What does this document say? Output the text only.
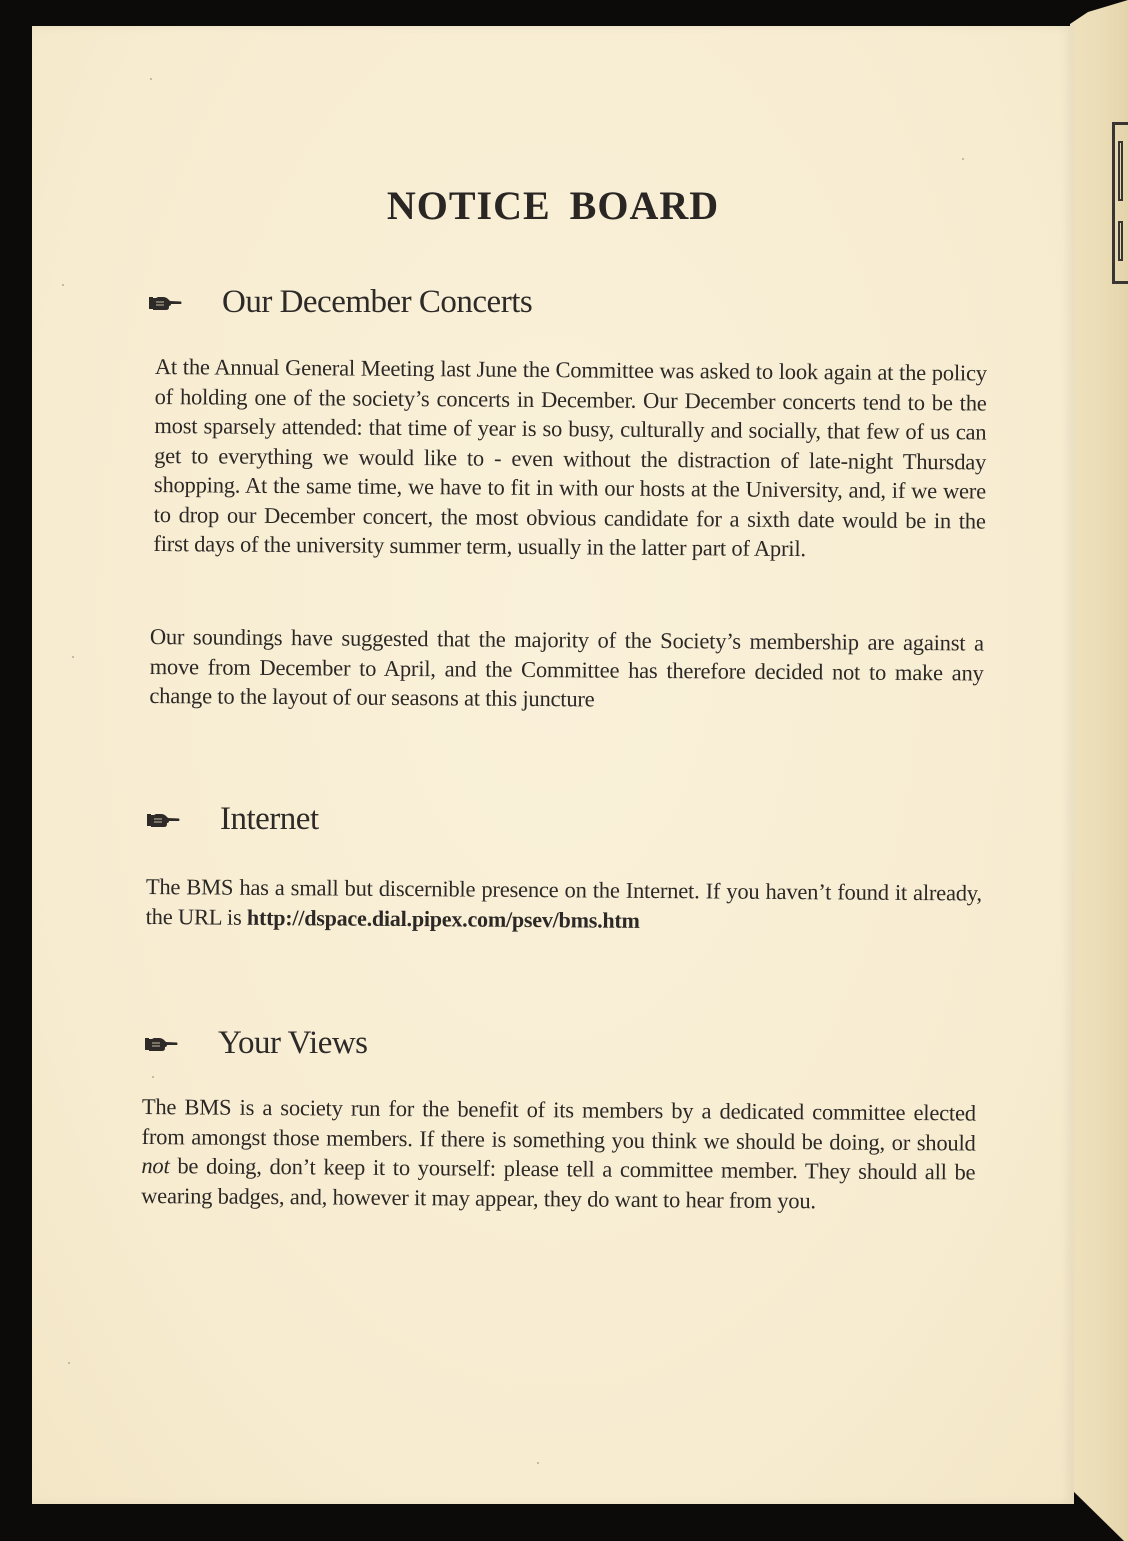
NOTICE BOARD
Our December Concerts
At the Annual General Meeting last June the Committee was asked to look again at the policy of holding one of the society’s concerts in December. Our December concerts tend to be the most sparsely attended: that time of year is so busy, culturally and socially, that few of us can get to everything we would like to - even without the distraction of late-night Thursday shopping. At the same time, we have to fit in with our hosts at the University, and, if we were to drop our December concert, the most obvious candidate for a sixth date would be in the first days of the university summer term, usually in the latter part of April.
Our soundings have suggested that the majority of the Society’s membership are against a move from December to April, and the Committee has therefore decided not to make any change to the layout of our seasons at this juncture
Internet
The BMS has a small but discernible presence on the Internet. If you haven’t found it already, the URL is http://dspace.dial.pipex.com/psev/bms.htm
Your Views
The BMS is a society run for the benefit of its members by a dedicated committee elected from amongst those members. If there is something you think we should be doing, or should not be doing, don’t keep it to yourself: please tell a committee member. They should all be wearing badges, and, however it may appear, they do want to hear from you.
